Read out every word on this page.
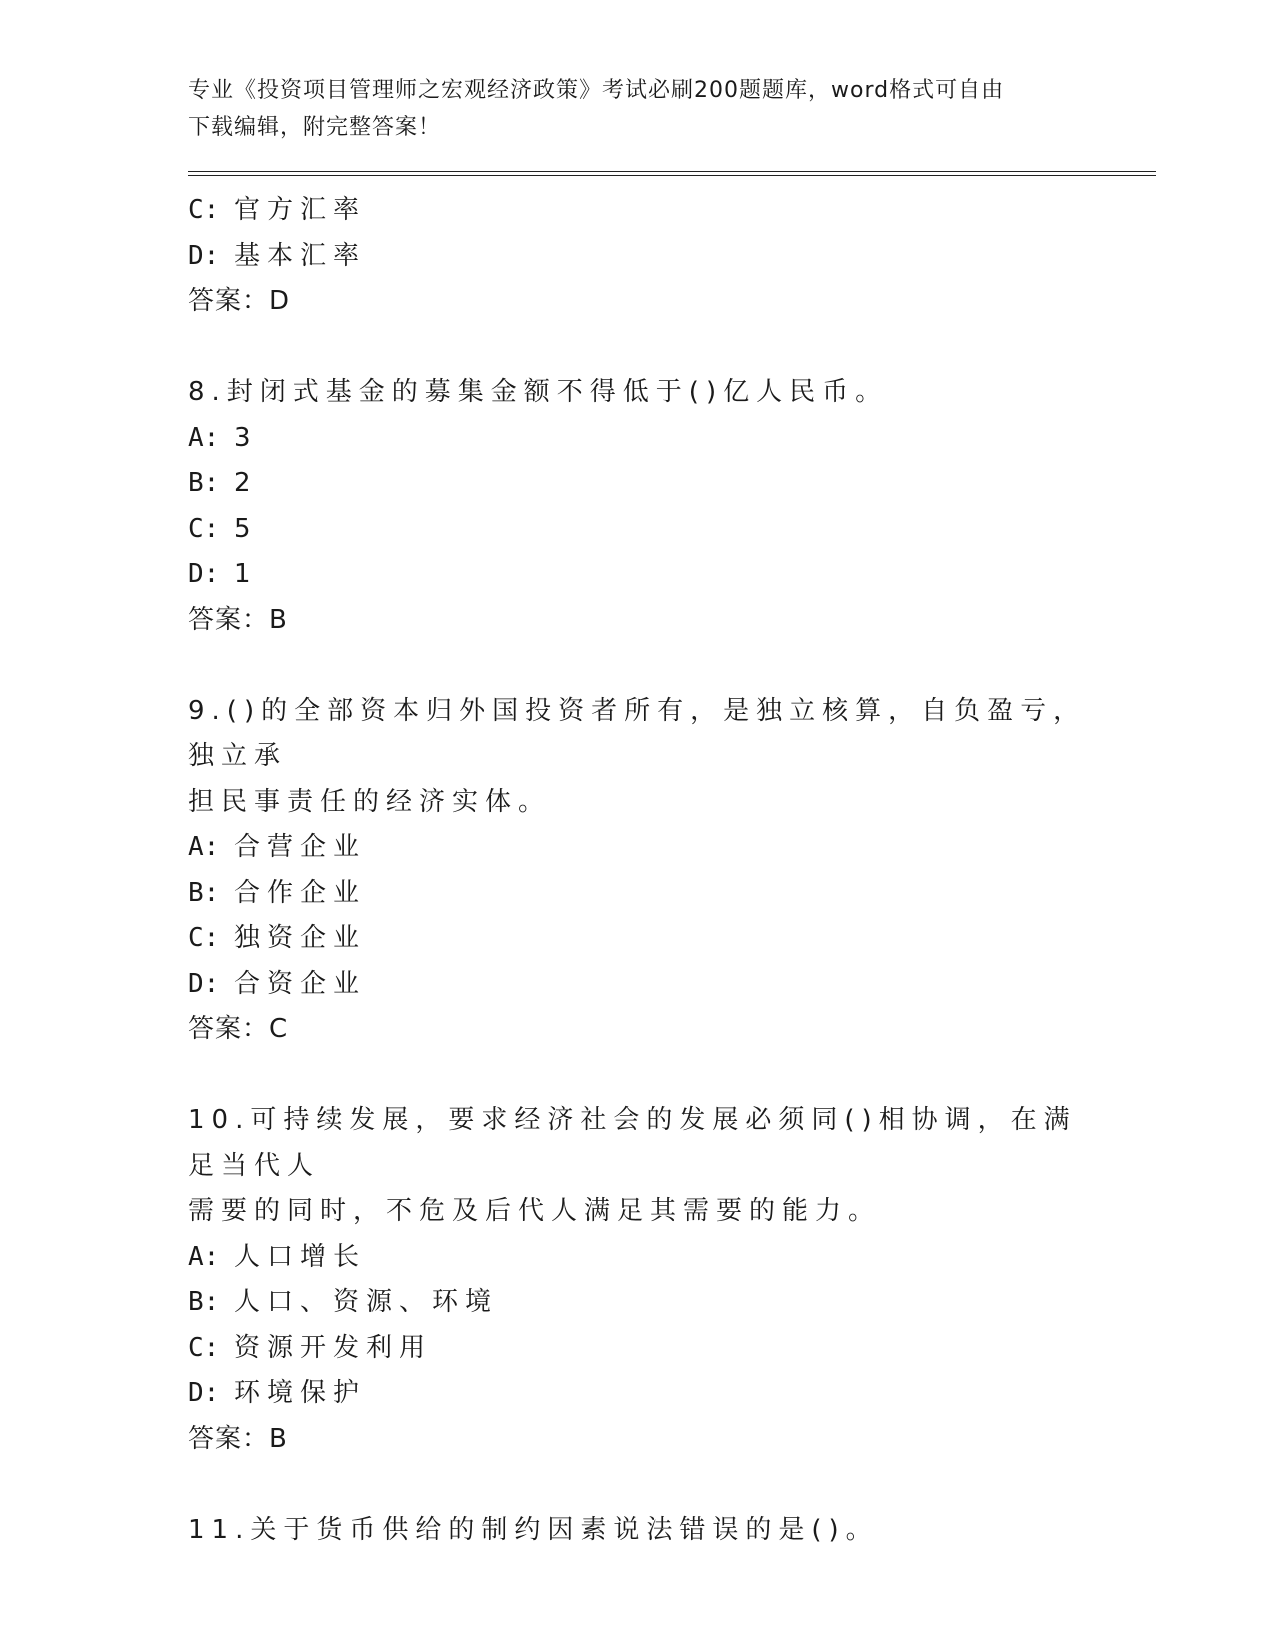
专业《投资项目管理师之宏观经济政策》考试必刷200题题库，word格式可自由
下载编辑，附完整答案！
C: 官方汇率
D: 基本汇率
答案：D
8.封闭式基金的募集金额不得低于()亿人民币。
A: 3
B: 2
C: 5
D: 1
答案：B
9.()的全部资本归外国投资者所有，是独立核算，自负盈亏，独立承
担民事责任的经济实体。
A: 合营企业
B: 合作企业
C: 独资企业
D: 合资企业
答案：C
10.可持续发展，要求经济社会的发展必须同()相协调，在满足当代人
需要的同时，不危及后代人满足其需要的能力。
A: 人口增长
B: 人口、资源、环境
C: 资源开发利用
D: 环境保护
答案：B
11.关于货币供给的制约因素说法错误的是()。
